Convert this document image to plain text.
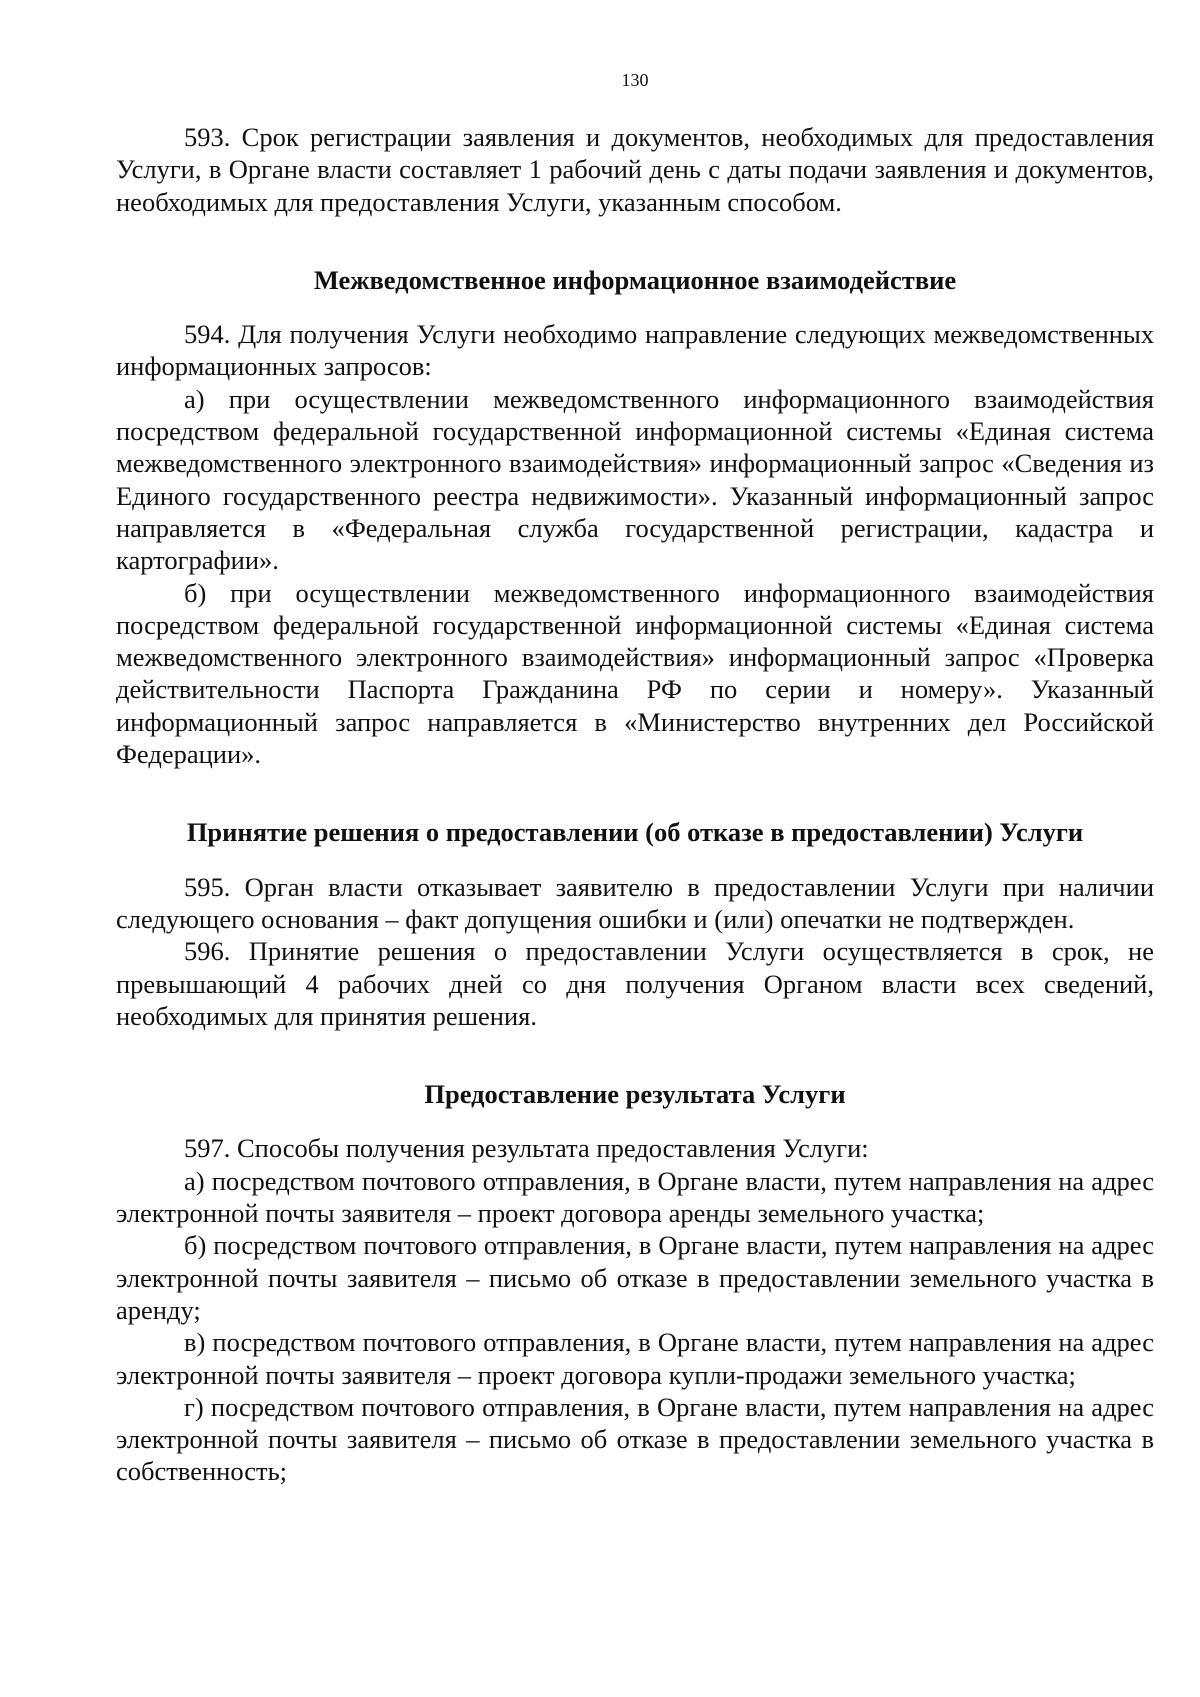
130

593. Срок регистрации заявления и документов, необходимых для предоставления Услуги, в Органе власти составляет 1 рабочий день с даты подачи заявления и документов, необходимых для предоставления Услуги, указанным способом.

Межведомственное информационное взаимодействие

594. Для получения Услуги необходимо направление следующих межведомственных информационных запросов:

а) при осуществлении межведомственного информационного взаимодействия посредством федеральной государственной информационной системы «Единая система межведомственного электронного взаимодействия» информационный запрос «Сведения из Единого государственного реестра недвижимости». Указанный информационный запрос направляется в «Федеральная служба государственной регистрации, кадастра и картографии».

б) при осуществлении межведомственного информационного взаимодействия посредством федеральной государственной информационной системы «Единая система межведомственного электронного взаимодействия» информационный запрос «Проверка действительности Паспорта Гражданина РФ по серии и номеру». Указанный информационный запрос направляется в «Министерство внутренних дел Российской Федерации».

Принятие решения о предоставлении (об отказе в предоставлении) Услуги

595. Орган власти отказывает заявителю в предоставлении Услуги при наличии следующего основания – факт допущения ошибки и (или) опечатки не подтвержден.

596. Принятие решения о предоставлении Услуги осуществляется в срок, не превышающий 4 рабочих дней со дня получения Органом власти всех сведений, необходимых для принятия решения.

Предоставление результата Услуги

597. Способы получения результата предоставления Услуги:

а) посредством почтового отправления, в Органе власти, путем направления на адрес электронной почты заявителя – проект договора аренды земельного участка;

б) посредством почтового отправления, в Органе власти, путем направления на адрес электронной почты заявителя – письмо об отказе в предоставлении земельного участка в аренду;

в) посредством почтового отправления, в Органе власти, путем направления на адрес электронной почты заявителя – проект договора купли-продажи земельного участка;

г) посредством почтового отправления, в Органе власти, путем направления на адрес электронной почты заявителя – письмо об отказе в предоставлении земельного участка в собственность;
